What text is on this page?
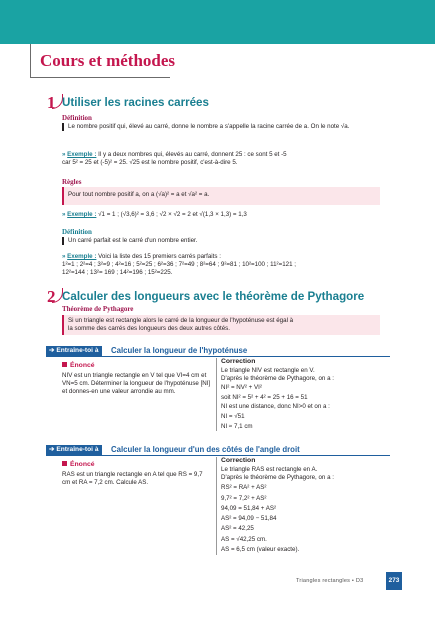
Cours et méthodes
1 Utiliser les racines carrées
Définition

Le nombre positif qui, élevé au carré, donne le nombre a s'appelle la racine carrée de a. On le note √a.

» Exemple : Il y a deux nombres qui, élevés au carré, donnent 25 : ce sont 5 et -5
car 5² = 25 et (-5)² = 25. √25 est le nombre positif, c'est-à-dire 5.
Règles

Pour tout nombre positif a, on a (√a)² = a et √a² = a.

» Exemple : √1 = 1 ; (√3,6)² = 3,6 ; √2 × √2 = 2 et √(1,3 × 1,3) = 1,3
Définition

Un carré parfait est le carré d'un nombre entier.

» Exemple : Voici la liste des 15 premiers carrés parfaits :
1²=1 ; 2²=4 ; 3²=9 ; 4²=16 ; 5²=25 ; 6²=36 ; 7²=49 ; 8²=64 ; 9²=81 ; 10²=100 ; 11²=121 ;
12²=144 ; 13²= 169 ; 14²=196 ; 15²=225.
2 Calculer des longueurs avec le théorème de Pythagore
Théorème de Pythagore

Si un triangle est rectangle alors le carré de la longueur de l'hypoténuse est égal à

la somme des carrés des longueurs des deux autres côtés.

➔ Entraîne-toi à	Calculer la longueur de l'hypoténuse
Énoncé
NIV est un triangle rectangle en V tel que VI=4 cm et VN=5 cm. Déterminer la longueur de l'hypoténuse [NI] et donnes-en une valeur arrondie au mm.
Correction
Le triangle NIV est rectangle en V.
D'après le théorème de Pythagore, on a :
NI² = NV² + VI²
soit NI² = 5² + 4² = 25 + 16 = 51
NI est une distance, donc NI>0 et on a :
NI = √51
NI ≈ 7,1 cm
➔ Entraîne-toi à	Calculer la longueur d'un des côtés de l'angle droit
Énoncé
RAS est un triangle rectangle en A tel que RS = 9,7 cm et RA = 7,2 cm. Calcule AS.
Correction
Le triangle RAS est rectangle en A.
D'après le théorème de Pythagore, on a :
RS² = RA² + AS²
9,7² = 7,2² + AS²
94,09 = 51,84 + AS²
AS² = 94,09 − 51,84
AS² = 42,25
AS = √42,25 cm.
AS = 6,5 cm (valeur exacte).
Triangles rectangles • D3	273
